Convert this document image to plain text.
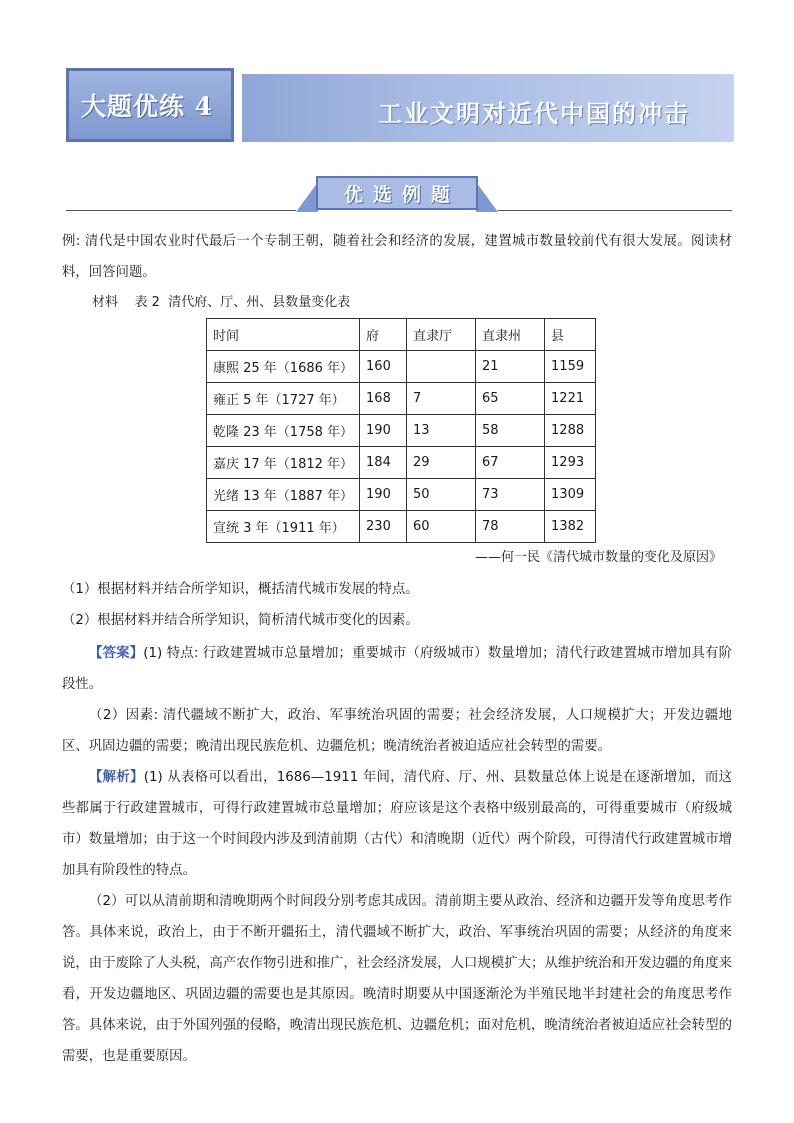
工业文明对近代中国的冲击
大题优练 4
优选例题

例: 清代是中国农业时代最后一个专制王朝，随着社会和经济的发展，建置城市数量较前代有很大发展。阅读材料，回答问题。

材料    表 2  清代府、厅、州、县数量变化表
时间	府	直隶厅	直隶州	县
康熙 25 年（1686 年）	160		21	1159
雍正 5 年（1727 年）	168	7	65	1221
乾隆 23 年（1758 年）	190	13	58	1288
嘉庆 17 年（1812 年）	184	29	67	1293
光绪 13 年（1887 年）	190	50	73	1309
宣统 3 年（1911 年）	230	60	78	1382
——何一民《清代城市数量的变化及原因》

（1）根据材料并结合所学知识，概括清代城市发展的特点。

（2）根据材料并结合所学知识，简析清代城市变化的因素。

【答案】(1) 特点: 行政建置城市总量增加；重要城市（府级城市）数量增加；清代行政建置城市增加具有阶段性。

（2）因素: 清代疆域不断扩大，政治、军事统治巩固的需要；社会经济发展，人口规模扩大；开发边疆地区、巩固边疆的需要；晚清出现民族危机、边疆危机；晚清统治者被迫适应社会转型的需要。

【解析】(1) 从表格可以看出，1686—1911 年间，清代府、厅、州、县数量总体上说是在逐渐增加，而这些都属于行政建置城市，可得行政建置城市总量增加；府应该是这个表格中级别最高的，可得重要城市（府级城市）数量增加；由于这一个时间段内涉及到清前期（古代）和清晚期（近代）两个阶段，可得清代行政建置城市增加具有阶段性的特点。

（2）可以从清前期和清晚期两个时间段分别考虑其成因。清前期主要从政治、经济和边疆开发等角度思考作答。具体来说，政治上，由于不断开疆拓土，清代疆域不断扩大，政治、军事统治巩固的需要；从经济的角度来说，由于废除了人头税，高产农作物引进和推广，社会经济发展，人口规模扩大；从维护统治和开发边疆的角度来看，开发边疆地区、巩固边疆的需要也是其原因。晚清时期要从中国逐渐沦为半殖民地半封建社会的角度思考作答。具体来说，由于外国列强的侵略，晚清出现民族危机、边疆危机；面对危机，晚清统治者被迫适应社会转型的需要，也是重要原因。
